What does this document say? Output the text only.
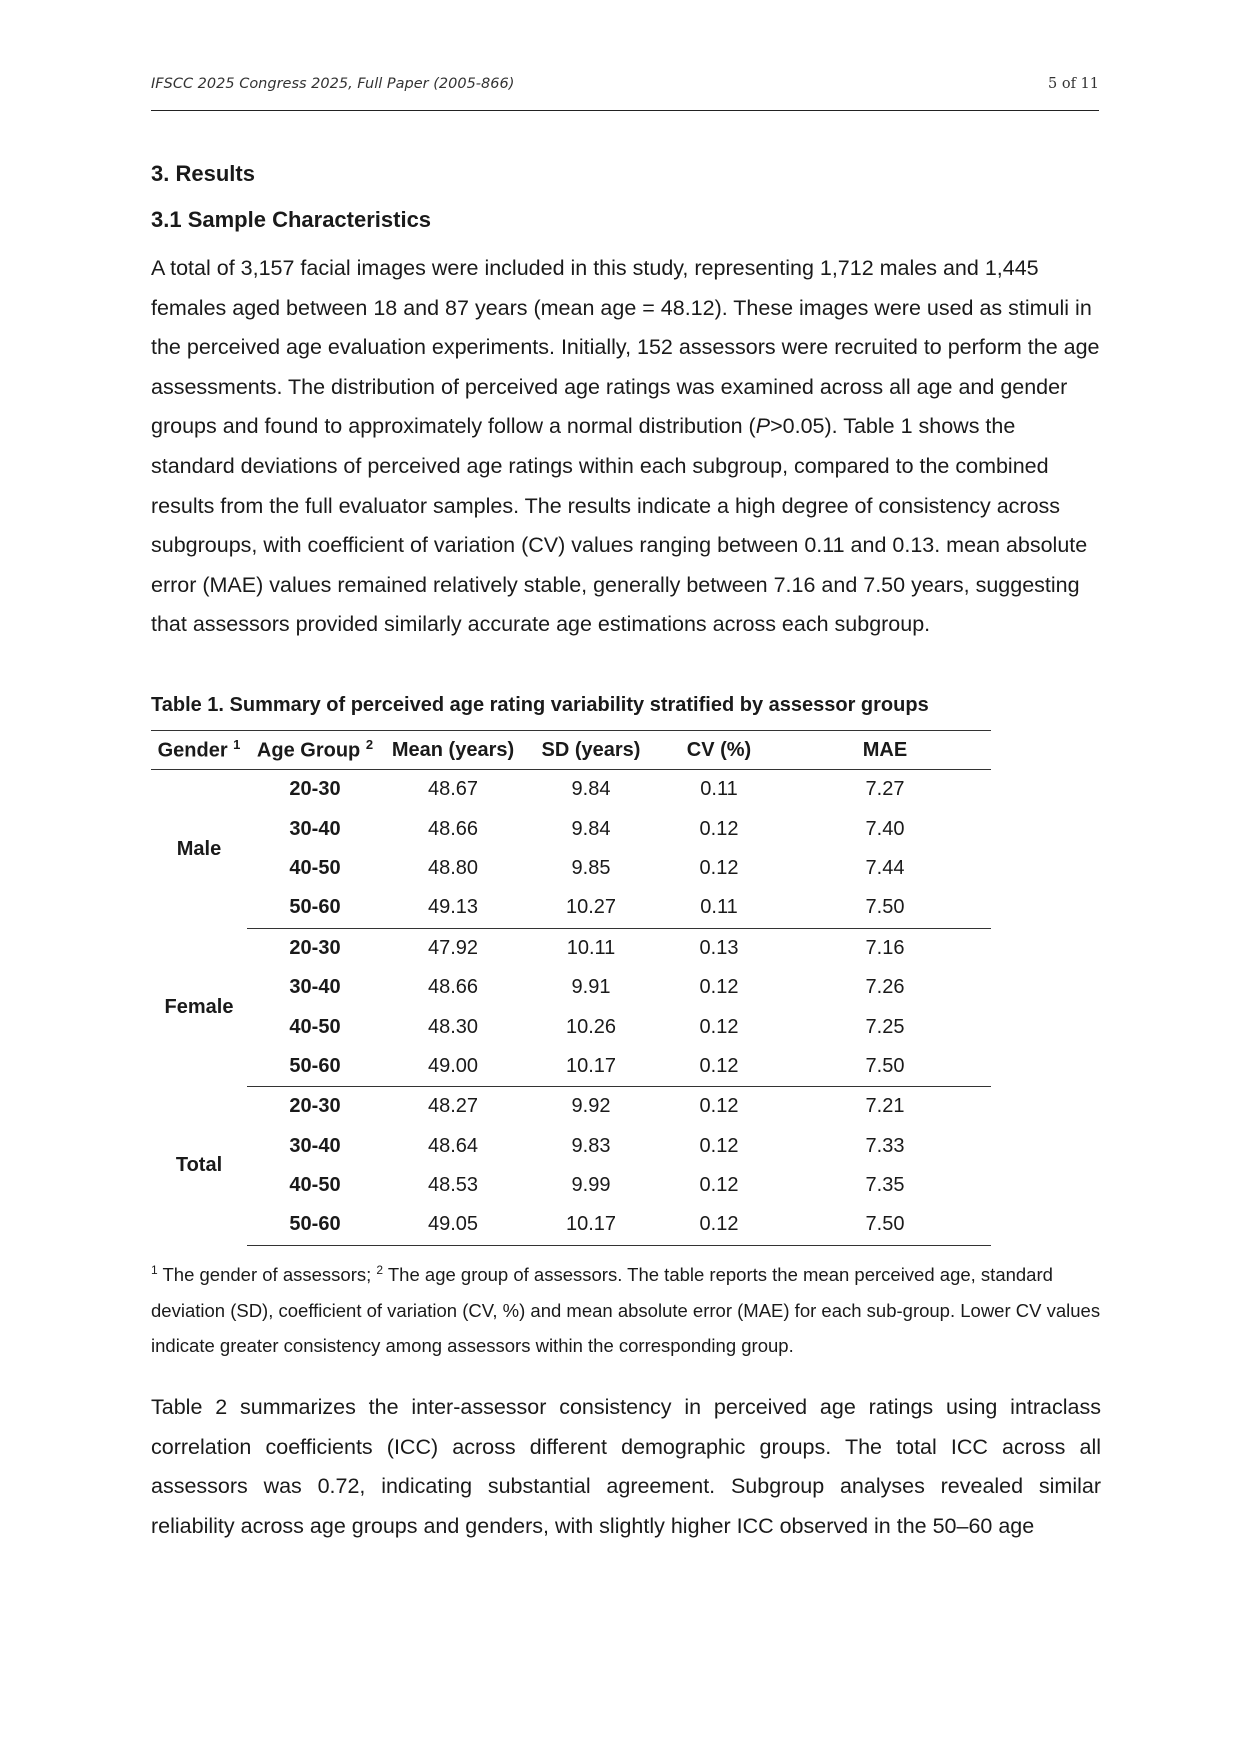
IFSCC 2025 Congress 2025, Full Paper (2005-866)	5 of 11
3. Results
3.1 Sample Characteristics

A total of 3,157 facial images were included in this study, representing 1,712 males and 1,445 females aged between 18 and 87 years (mean age = 48.12). These images were used as stimuli in the perceived age evaluation experiments. Initially, 152 assessors were recruited to perform the age assessments. The distribution of perceived age ratings was examined across all age and gender groups and found to approximately follow a normal distribution (P>0.05). Table 1 shows the standard deviations of perceived age ratings within each subgroup, compared to the combined results from the full evaluator samples. The results indicate a high degree of consistency across subgroups, with coefficient of variation (CV) values ranging between 0.11 and 0.13. mean absolute error (MAE) values remained relatively stable, generally between 7.16 and 7.50 years, suggesting that assessors provided similarly accurate age estimations across each subgroup.

Table 1. Summary of perceived age rating variability stratified by assessor groups
Gender $^1$	Age Group $^2$	Mean (years)	SD (years)	CV (%)	MAE
Male	20-30	48.67	9.84	0.11	7.27
	30-40	48.66	9.84	0.12	7.40
	40-50	48.80	9.85	0.12	7.44
	50-60	49.13	10.27	0.11	7.50
Female	20-30	47.92	10.11	0.13	7.16
	30-40	48.66	9.91	0.12	7.26
	40-50	48.30	10.26	0.12	7.25
	50-60	49.00	10.17	0.12	7.50
Total	20-30	48.27	9.92	0.12	7.21
	30-40	48.64	9.83	0.12	7.33
	40-50	48.53	9.99	0.12	7.35
	50-60	49.05	10.17	0.12	7.50

$^1$ The gender of assessors; $^2$ The age group of assessors. The table reports the mean perceived age, standard deviation (SD), coefficient of variation (CV, %) and mean absolute error (MAE) for each sub-group. Lower CV values indicate greater consistency among assessors within the corresponding group.

Table 2 summarizes the inter-assessor consistency in perceived age ratings using intraclass correlation coefficients (ICC) across different demographic groups. The total ICC across all assessors was 0.72, indicating substantial agreement. Subgroup analyses revealed similar reliability across age groups and genders, with slightly higher ICC observed in the 50–60 age
